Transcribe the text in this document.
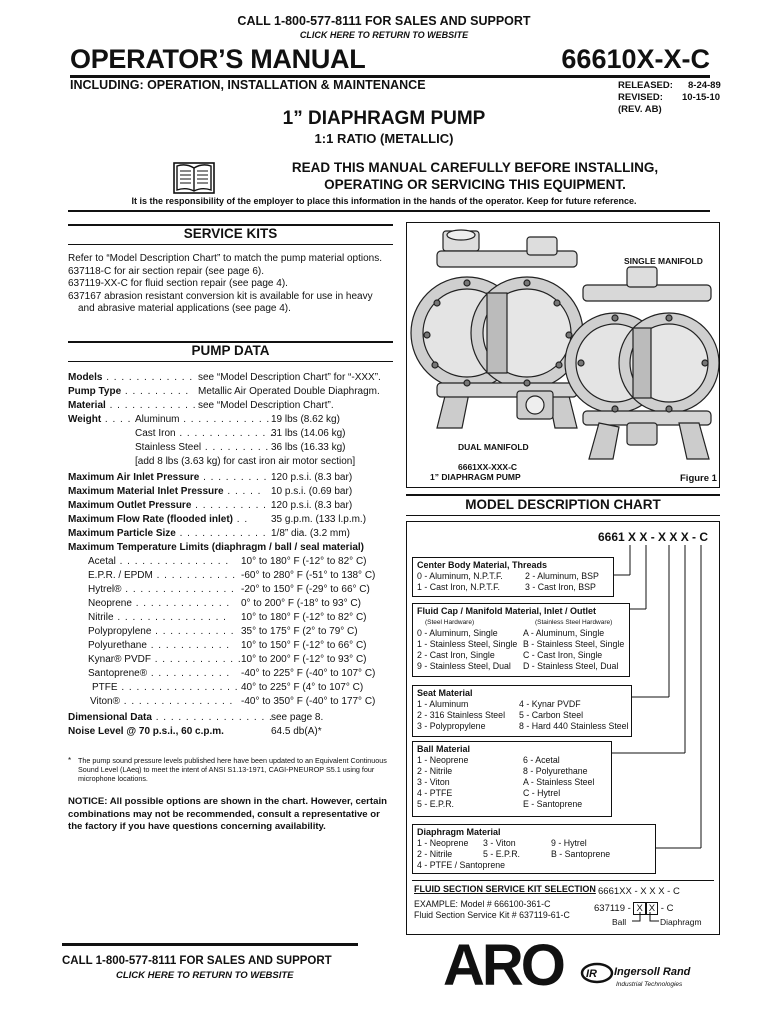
CALL 1-800-577-8111 FOR SALES AND SUPPORT
CLICK HERE TO RETURN TO WEBSITE
OPERATOR’S MANUAL	66610X-X-C
INCLUDING: OPERATION, INSTALLATION & MAINTENANCE	RELEASED: 8-24-89
REVISED: 10-15-10
(REV. AB)
1” DIAPHRAGM PUMP
1:1 RATIO (METALLIC)
READ THIS MANUAL CAREFULLY BEFORE INSTALLING,
OPERATING OR SERVICING THIS EQUIPMENT.
It is the responsibility of the employer to place this information in the hands of the operator. Keep for future reference.
SERVICE KITS
Refer to “Model Description Chart” to match the pump material options.
637118-C for air section repair (see page 6).
637119-XX-C for fluid section repair (see page 4).
637167 abrasion resistant conversion kit is available for use in heavy
and abrasive material applications (see page 4).
PUMP DATA
Models . . . . . . . . . . . . see “Model Description Chart” for “-XXX”.
Pump Type . . . . . . . . . Metallic Air Operated Double Diaphragm.
Material . . . . . . . . . . . . see “Model Description Chart”.
Weight . . . . Aluminum . . . . . . . . . . . . 19 lbs (8.62 kg)
Cast Iron . . . . . . . . . . . . .
31 lbs (14.06 kg)
Stainless Steel . . . . . . . . . 36 lbs (16.33 kg)
[add 8 lbs (3.63 kg) for cast iron air motor section]
Maximum Air Inlet Pressure . . . . . . . . . 120 p.s.i. (8.3 bar)
Maximum Material Inlet Pressure . . . . . 10 p.s.i. (0.69 bar)
Maximum Outlet Pressure . . . . . . . . . . .
120 p.s.i. (8.3 bar)
Maximum Flow Rate (flooded inlet) . . 35 g.p.m. (133 l.p.m.)
Maximum Particle Size . . . . . . . . . . . . 1/8” dia. (3.2 mm)
Maximum Temperature Limits (diaphragm / ball / seal material)
Acetal . . . . . . . . . . . . . . . 10° to 180° F (-12° to 82° C)
E.P.R. / EPDM . . . . . . . . . . . -60° to 280° F (-51° to 138° C)
Hytrel® . . . . . . . . . . . . . . . -20° to 150° F (-29° to 66° C)
Neoprene . . . . . . . . . . . . . 0° to 200° F (-18° to 93° C)
Nitrile . . . . . . . . . . . . . . . 10° to 180° F (-12° to 82° C)
Polypropylene . . . . . . . . . . . 35° to 175° F (2° to 79° C)
Polyurethane . . . . . . . . . . . 10° to 150° F (-12° to 66° C)
Kynar® PVDF . . . . . . . . . . . . 10° to 200° F (-12° to 93° C)
Santoprene® . . . . . . . . . . . -40° to 225° F (-40° to 107° C)
PTFE . . . . . . . . . . . . . . . . 40° to 225° F (4° to 107° C)
Viton® . . . . . . . . . . . . . . . -40° to 350° F (-40° to 177° C)
Dimensional Data . . . . . . . . . . . . . . . .
see page 8.
Noise Level @ 70 p.s.i., 60 c.p.m.	64.5 db(A)*
* The pump sound pressure levels published here have been updated to an Equivalent Continuous Sound Level (LAeq) to meet the intent of ANSI S1.13-1971, CAGI-PNEUROP S5.1 using four microphone locations.
NOTICE: All possible options are shown in the chart. However, certain combinations may not be recommended, consult a representative or the factory if you have questions concerning availability.
SINGLE MANIFOLD
DUAL MANIFOLD
6661XX-XXX-C
1” DIAPHRAGM PUMP	Figure 1
MODEL DESCRIPTION CHART
6661 X X - X X X - C
Center Body Material, Threads
0 - Aluminum, N.P.T.F.	2 - Aluminum, BSP
1 - Cast Iron, N.P.T.F.	3 - Cast Iron, BSP
Fluid Cap / Manifold Material, Inlet / Outlet
(Steel Hardware)	(Stainless Steel Hardware)
0 - Aluminum, Single	A - Aluminum, Single
1 - Stainless Steel, Single B - Stainless Steel, Single
2 - Cast Iron, Single	C - Cast Iron, Single
9 - Stainless Steel, Dual	D - Stainless Steel, Dual
Seat Material
1 - Aluminum	4 - Kynar PVDF
2 - 316 Stainless Steel	5 - Carbon Steel
3 - Polypropylene	8 - Hard 440 Stainless Steel
Ball Material
1 - Neoprene	6 - Acetal
2 - Nitrile	8 - Polyurethane
3 - Viton	A - Stainless Steel
4 - PTFE	C - Hytrel
5 - E.P.R.	E - Santoprene
Diaphragm Material
1 - Neoprene	3 - Viton	9 - Hytrel
2 - Nitrile	5 - E.P.R.	B - Santoprene
4 - PTFE / Santoprene
FLUID SECTION SERVICE KIT SELECTION
EXAMPLE: Model # 666100-361-C
Fluid Section Service Kit # 637119-61-C
6661XX - X X X - C
637119 - X X - C
Ball	Diaphragm
CALL 1-800-577-8111 FOR SALES AND SUPPORT
CLICK HERE TO RETURN TO WEBSITE	ARO IR Ingersoll Rand
Industrial Technologies
